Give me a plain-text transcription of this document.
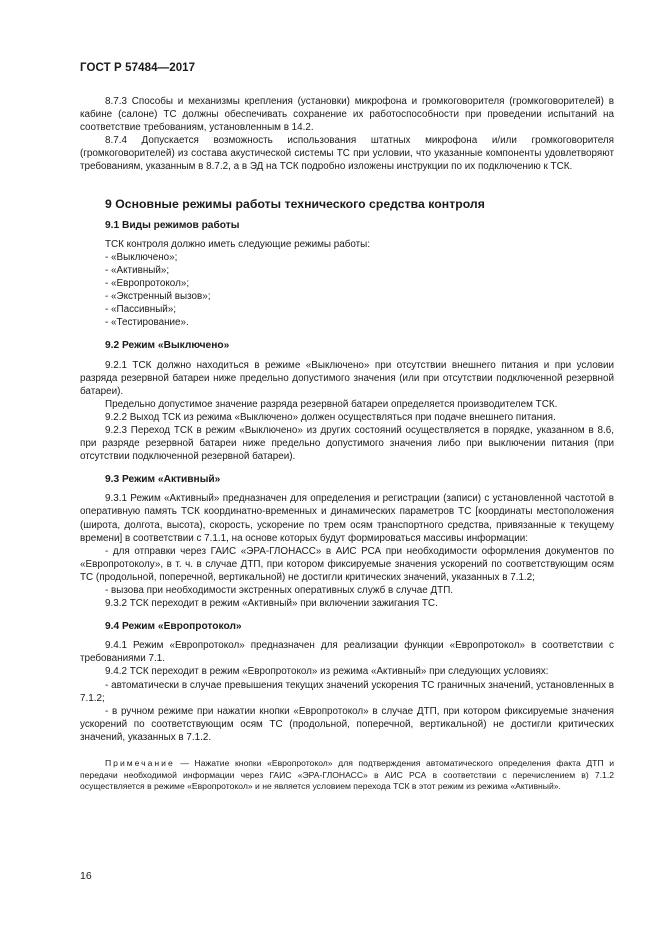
ГОСТ Р 57484—2017

8.7.3 Способы и механизмы крепления (установки) микрофона и громкоговорителя (громкоговорителей) в кабине (салоне) ТС должны обеспечивать сохранение их работоспособности при проведении испытаний на соответствие требованиям, установленным в 14.2.

8.7.4 Допускается возможность использования штатных микрофона и/или громкоговорителя (громкоговорителей) из состава акустической системы ТС при условии, что указанные компоненты удовлетворяют требованиям, указанным в 8.7.2, а в ЭД на ТСК подробно изложены инструкции по их подключению к ТСК.

9 Основные режимы работы технического средства контроля
9.1 Виды режимов работы

ТСК контроля должно иметь следующие режимы работы:

- «Выключено»;

- «Активный»;

- «Европротокол»;

- «Экстренный вызов»;

- «Пассивный»;

- «Тестирование».

9.2 Режим «Выключено»

9.2.1 ТСК должно находиться в режиме «Выключено» при отсутствии внешнего питания и при условии разряда резервной батареи ниже предельно допустимого значения (или при отсутствии подключенной резервной батареи).

Предельно допустимое значение разряда резервной батареи определяется производителем ТСК.

9.2.2 Выход ТСК из режима «Выключено» должен осуществляться при подаче внешнего питания.

9.2.3 Переход ТСК в режим «Выключено» из других состояний осуществляется в порядке, указанном в 8.6, при разряде резервной батареи ниже предельно допустимого значения либо при выключении питания (при отсутствии подключенной резервной батареи).

9.3 Режим «Активный»

9.3.1 Режим «Активный» предназначен для определения и регистрации (записи) с установленной частотой в оперативную память ТСК координатно-временных и динамических параметров ТС [координаты местоположения (широта, долгота, высота), скорость, ускорение по трем осям транспортного средства, привязанные к текущему времени] в соответствии с 7.1.1, на основе которых будут формироваться массивы информации:

- для отправки через ГАИС «ЭРА-ГЛОНАСС» в АИС РСА при необходимости оформления документов по «Европротоколу», в т. ч. в случае ДТП, при котором фиксируемые значения ускорений по соответствующим осям ТС (продольной, поперечной, вертикальной) не достигли критических значений, указанных в 7.1.2;

- вызова при необходимости экстренных оперативных служб в случае ДТП.

9.3.2 ТСК переходит в режим «Активный» при включении зажигания ТС.

9.4 Режим «Европротокол»

9.4.1 Режим «Европротокол» предназначен для реализации функции «Европротокол» в соответствии с требованиями 7.1.

9.4.2 ТСК переходит в режим «Европротокол» из режима «Активный» при следующих условиях:

- автоматически в случае превышения текущих значений ускорения ТС граничных значений, установленных в 7.1.2;

- в ручном режиме при нажатии кнопки «Европротокол» в случае ДТП, при котором фиксируемые значения ускорений по соответствующим осям ТС (продольной, поперечной, вертикальной) не достигли критических значений, указанных в 7.1.2.

Примечание — Нажатие кнопки «Европротокол» для подтверждения автоматического определения факта ДТП и передачи необходимой информации через ГАИС «ЭРА-ГЛОНАСС» в АИС РСА в соответствии с перечислением в) 7.1.2 осуществляется в режиме «Европротокол» и не является условием перехода ТСК в этот режим из режима «Активный».

16
